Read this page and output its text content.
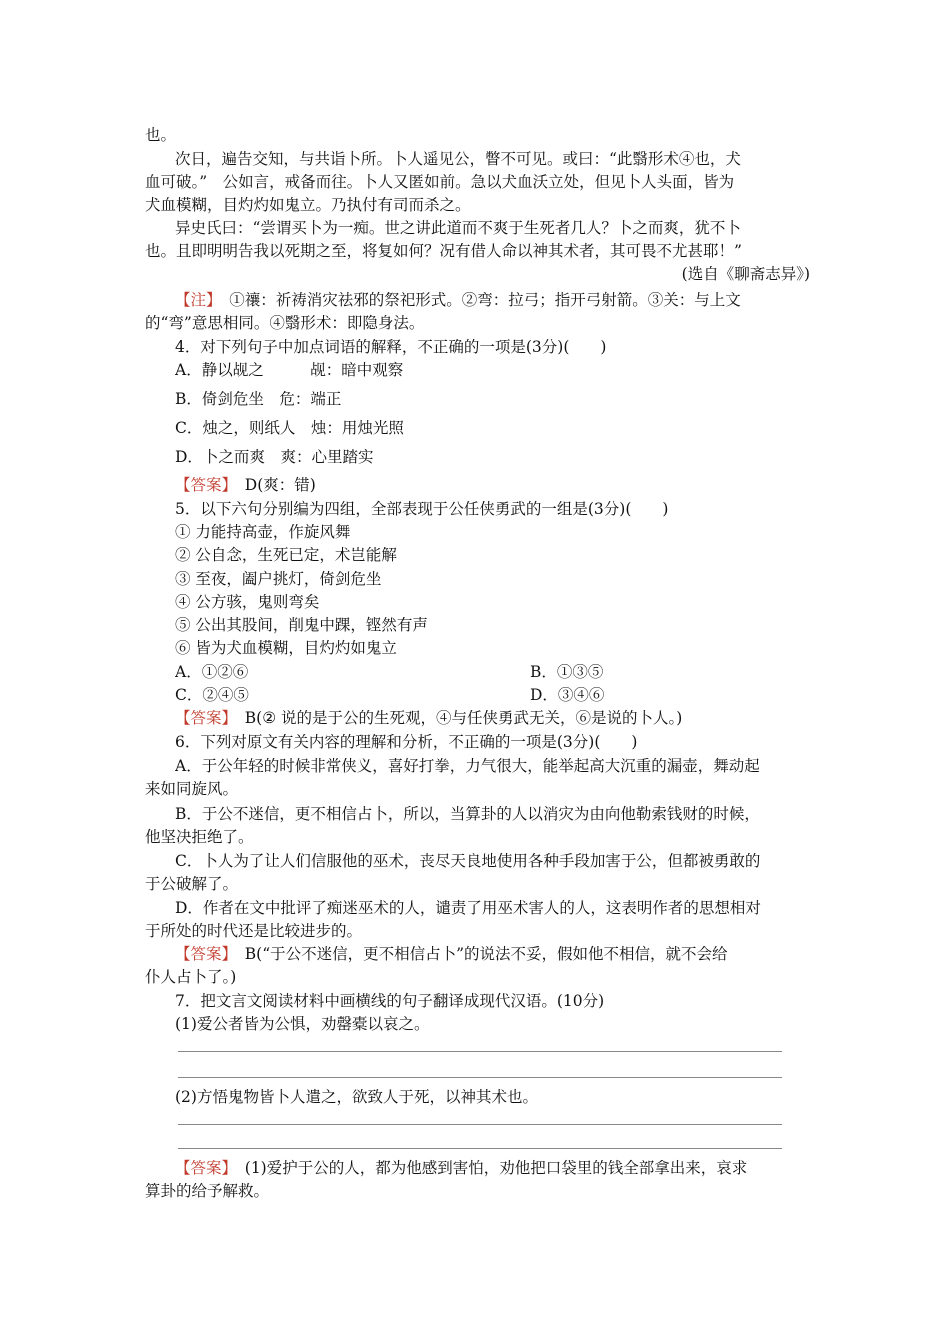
也。
次日，遍告交知，与共诣卜所。卜人遥见公，瞥不可见。或曰：“此翳形术④也，犬
血可破。”　公如言，戒备而往。卜人又匿如前。急以犬血沃立处，但见卜人头面，皆为
犬血模糊，目灼灼如鬼立。乃执付有司而杀之。
异史氏曰：“尝谓买卜为一痴。世之讲此道而不爽于生死者几人？卜之而爽，犹不卜
也。且即明明告我以死期之至，将复如何？况有借人命以神其术者，其可畏不尤甚耶！”
(选自《聊斋志异》)
【注】　①禳：祈祷消灾祛邪的祭祀形式。②弯：拉弓；指开弓射箭。③关：与上文
的“弯”意思相同。④翳形术：即隐身法。
4．对下列句子中加点词语的解释，不正确的一项是(3分)(　　)
A．静以觇之　　　觇：暗中观察
B．倚剑危坐　危：端正
C．烛之，则纸人　烛：用烛光照
D．卜之而爽　爽：心里踏实
【答案】　D(爽：错)
5．以下六句分别编为四组，全部表现于公任侠勇武的一组是(3分)(　　)
① 力能持高壶，作旋风舞
② 公自念，生死已定，术岂能解
③ 至夜，阖户挑灯，倚剑危坐
④ 公方骇，鬼则弯矣
⑤ 公出其股间，削鬼中踝，铿然有声
⑥ 皆为犬血模糊，目灼灼如鬼立
A．①②⑥	B．①③⑤
C．②④⑤	D．③④⑥
【答案】　B(② 说的是于公的生死观，④与任侠勇武无关，⑥是说的卜人。)
6．下列对原文有关内容的理解和分析，不正确的一项是(3分)(　　)
A．于公年轻的时候非常侠义，喜好打拳，力气很大，能举起高大沉重的漏壶，舞动起
来如同旋风。
B．于公不迷信，更不相信占卜，所以，当算卦的人以消灾为由向他勒索钱财的时候，
他坚决拒绝了。
C．卜人为了让人们信服他的巫术，丧尽天良地使用各种手段加害于公，但都被勇敢的
于公破解了。
D．作者在文中批评了痴迷巫术的人，谴责了用巫术害人的人，这表明作者的思想相对
于所处的时代还是比较进步的。
【答案】　B(“于公不迷信，更不相信占卜”的说法不妥，假如他不相信，就不会给
仆人占卜了。)
7．把文言文阅读材料中画横线的句子翻译成现代汉语。(10分)
(1)爱公者皆为公惧，劝罄橐以哀之。
(2)方悟鬼物皆卜人遣之，欲致人于死，以神其术也。
【答案】　(1)爱护于公的人，都为他感到害怕，劝他把口袋里的钱全部拿出来，哀求
算卦的给予解救。
